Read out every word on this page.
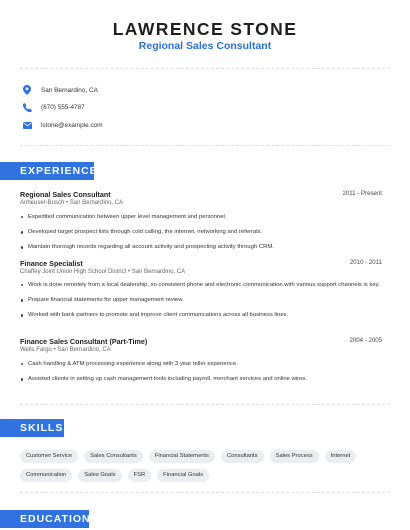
LAWRENCE STONE
Regional Sales Consultant
San Bernardino, CA
(670) 555-4787
lstone@example.com
EXPERIENCE
Regional Sales Consultant	2011 - Present
Anheuser-Busch • San Bernardino, CA
Expedited communication between upper level management and personnel.
Developed target prospect lists through cold calling, the internet, networking and referrals.
Maintain thorough records regarding all account activity and prospecting activity through CRM.
Finance Specialist	2010 - 2011
Chaffey Joint Union High School District • San Bernardino, CA
Work is done remotely from a local dealership, so consistent phone and electronic communication with various support channels is key.
Prepare financial statements for upper management review.
Worked with bank partners to promote and improve client communications across all business lines.
Finance Sales Consultant (Part-Time)	2004 - 2005
Wells Fargo • San Bernardino, CA
Cash handling & ATM processing experience along with 3 year teller experience.
Assisted clients in setting up cash management tools including payroll, merchant services and online wires.
SKILLS
Customer Service	Sales Consultants	Financial Statements	Consultants	Sales Process	Internet
Communication	Sales Goals	FSR	Financial Goals
EDUCATION
